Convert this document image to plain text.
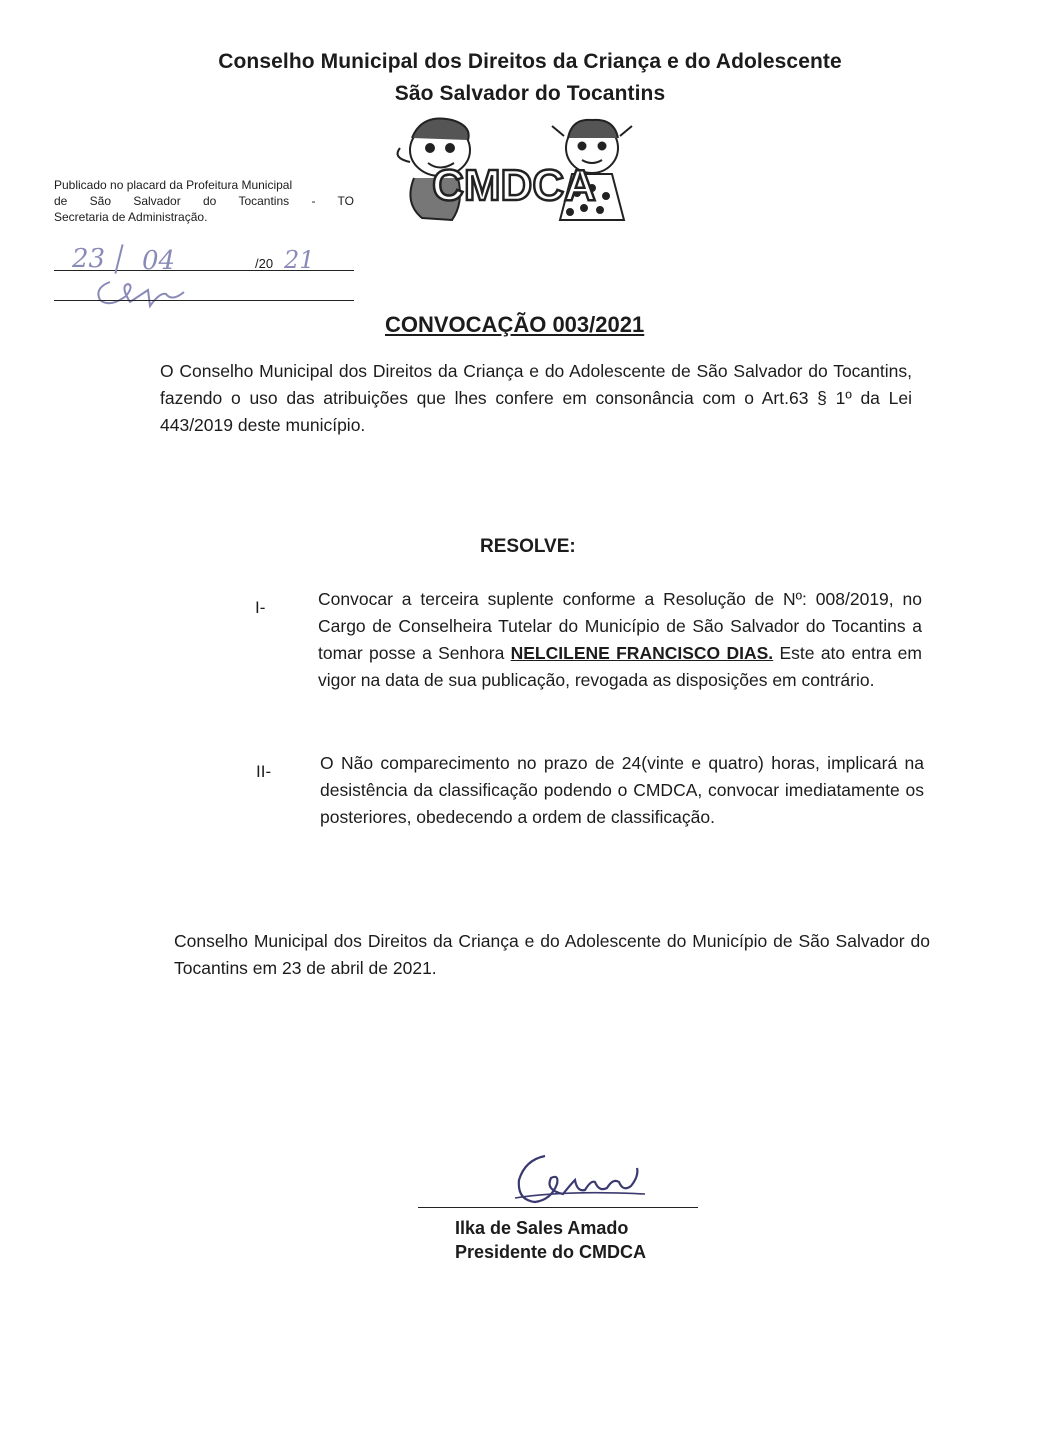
Conselho Municipal dos Direitos da Criança e do Adolescente
São Salvador do Tocantins
CMDCA
Publicado no placard da Profeitura Municipal
de São Salvador do Tocantins - TO
Secretaria de Administração.
23 04	/20 21
CONVOCAÇÃO 003/2021
O Conselho Municipal dos Direitos da Criança e do Adolescente de São Salvador do Tocantins, fazendo o uso das atribuições que lhes confere em consonância com o Art.63 § 1º da Lei 443/2019 deste município.
RESOLVE:
I-	Convocar a terceira suplente conforme a Resolução de Nº: 008/2019, no Cargo de Conselheira Tutelar do Município de São Salvador do Tocantins a tomar posse a Senhora NELCILENE FRANCISCO DIAS. Este ato entra em vigor na data de sua publicação, revogada as disposições em contrário.
II-	O Não comparecimento no prazo de 24(vinte e quatro) horas, implicará na desistência da classificação podendo o CMDCA, convocar imediatamente os posteriores, obedecendo a ordem de classificação.
Conselho Municipal dos Direitos da Criança e do Adolescente do Município de São Salvador do Tocantins em 23 de abril de 2021.
Ilka de Sales Amado
Presidente do CMDCA
